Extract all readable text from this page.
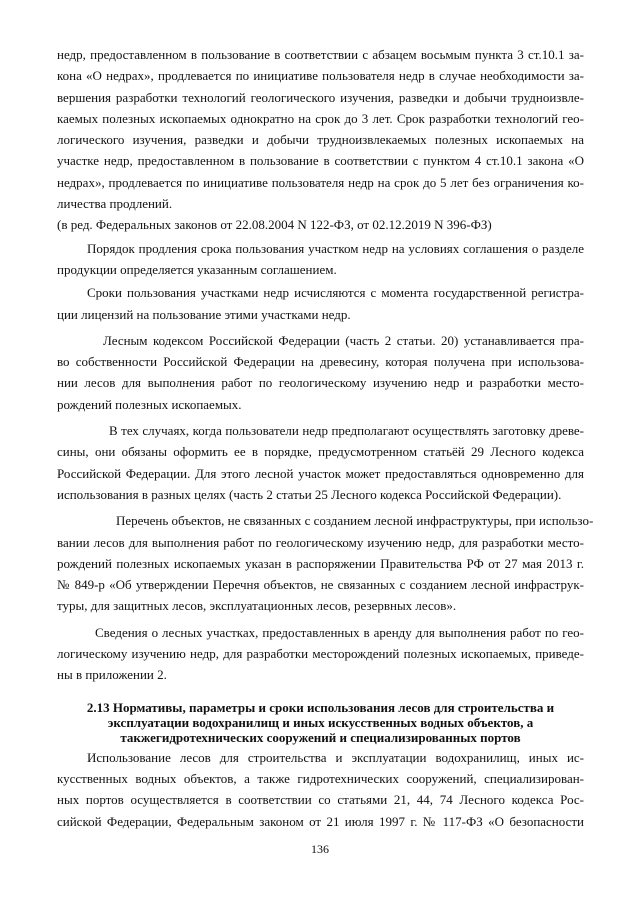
недр, предоставленном в пользование в соответствии с абзацем восьмым пункта 3 ст.10.1 за-
кона «О недрах», продлевается по инициативе пользователя недр в случае необходимости за-
вершения разработки технологий геологического изучения, разведки и добычи трудноизвле-
каемых полезных ископаемых однократно на срок до 3 лет. Срок разработки технологий гео-
логического изучения, разведки и добычи трудноизвлекаемых полезных ископаемых на
участке недр, предоставленном в пользование в соответствии с пунктом 4 ст.10.1 закона «О
недрах», продлевается по инициативе пользователя недр на срок до 5 лет без ограничения ко-
личества продлений.
(в ред. Федеральных законов от 22.08.2004 N 122-ФЗ, от 02.12.2019 N 396-ФЗ)
Порядок продления срока пользования участком недр на условиях соглашения о разделе
продукции определяется указанным соглашением.
Сроки пользования участками недр исчисляются с момента государственной регистра-
ции лицензий на пользование этими участками недр.
Лесным кодексом Российской Федерации (часть 2 статьи. 20) устанавливается пра-
во собственности Российской Федерации на древесину, которая получена при использова-
нии лесов для выполнения работ по геологическому изучению недр и разработки место-
рождений полезных ископаемых.
В тех случаях, когда пользователи недр предполагают осуществлять заготовку древе-
сины, они обязаны оформить ее в порядке, предусмотренном статьёй 29 Лесного кодекса
Российской Федерации. Для этого лесной участок может предоставляться одновременно для
использования в разных целях (часть 2 статьи 25 Лесного кодекса Российской Федерации).
Перечень объектов, не связанных с созданием лесной инфраструктуры, при использо-
вании лесов для выполнения работ по геологическому изучению недр, для разработки место-
рождений полезных ископаемых указан в распоряжении Правительства РФ от 27 мая 2013 г.
№ 849-р «Об утверждении Перечня объектов, не связанных с созданием лесной инфраструк-
туры, для защитных лесов, эксплуатационных лесов, резервных лесов».
Сведения о лесных участках, предоставленных в аренду для выполнения работ по гео-
логическому изучению недр, для разработки месторождений полезных ископаемых, приведе-
ны в приложении 2.
2.13 Нормативы, параметры и сроки использования лесов для строительства и
эксплуатации водохранилищ и иных искусственных водных объектов, а
такжегидротехнических сооружений и специализированных портов
Использование лесов для строительства и эксплуатации водохранилищ, иных ис-
кусственных водных объектов, а также гидротехнических сооружений, специализирован-
ных портов осуществляется в соответствии со статьями 21, 44, 74 Лесного кодекса Рос-
сийской Федерации, Федеральным законом от 21 июля 1997 г. № 117-ФЗ «О безопасности
136
